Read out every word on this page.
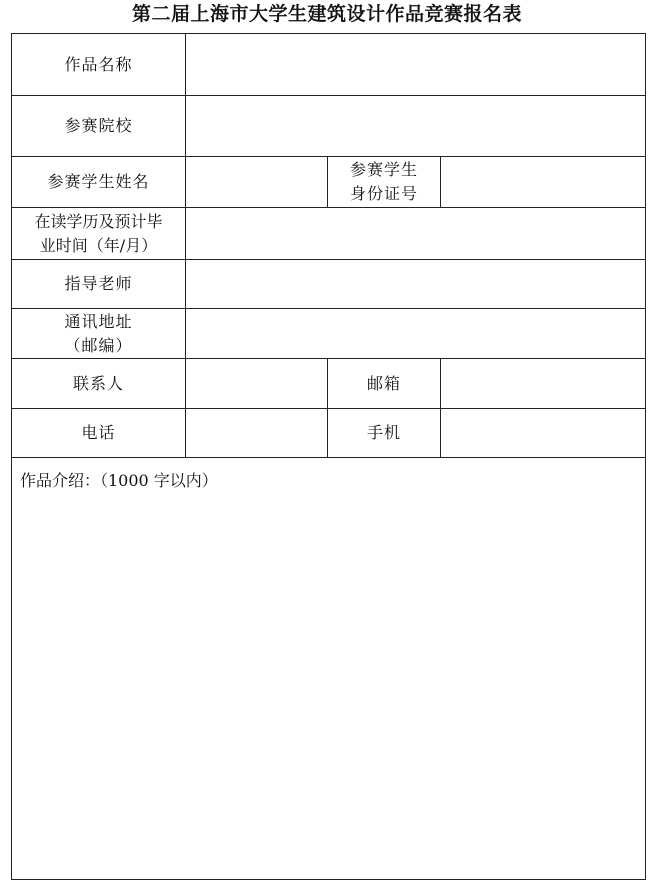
第二届上海市大学生建筑设计作品竞赛报名表
作品名称
参赛院校
参赛学生姓名
参赛学生
身份证号
在读学历及预计毕
业时间（年/月）
指导老师
通讯地址
（邮编）
联系人	邮箱
电话	手机
作品介绍：（1000 字以内）
